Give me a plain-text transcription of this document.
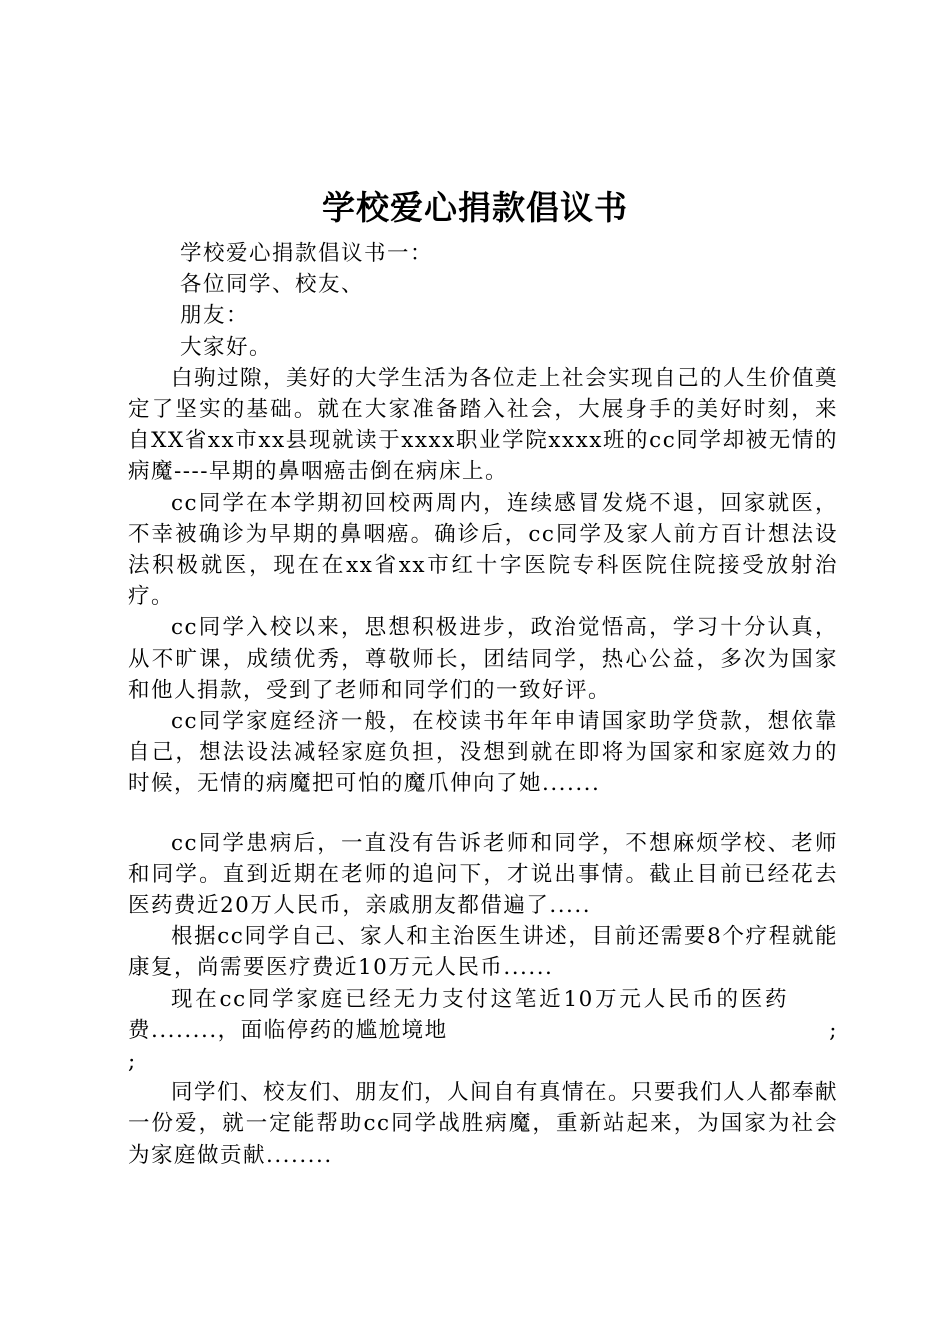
学校爱心捐款倡议书

学校爱心捐款倡议书一：

各位同学、校友、

朋友：

大家好。

白驹过隙，美好的大学生活为各位走上社会实现自己的人生价值奠定了坚实的基础。就在大家准备踏入社会，大展身手的美好时刻，来自XX省xx市xx县现就读于xxxx职业学院xxxx班的cc同学却被无情的病魔----早期的鼻咽癌击倒在病床上。

cc同学在本学期初回校两周内，连续感冒发烧不退，回家就医，不幸被确诊为早期的鼻咽癌。确诊后，cc同学及家人前方百计想法设法积极就医，现在在xx省xx市红十字医院专科医院住院接受放射治疗。

cc同学入校以来，思想积极进步，政治觉悟高，学习十分认真，从不旷课，成绩优秀，尊敬师长，团结同学，热心公益，多次为国家和他人捐款，受到了老师和同学们的一致好评。

cc同学家庭经济一般，在校读书年年申请国家助学贷款，想依靠自己，想法设法减轻家庭负担，没想到就在即将为国家和家庭效力的时候，无情的病魔把可怕的魔爪伸向了她.......

cc同学患病后，一直没有告诉老师和同学，不想麻烦学校、老师和同学。直到近期在老师的追问下，才说出事情。截止目前已经花去医药费近20万人民币，亲戚朋友都借遍了.....

根据cc同学自己、家人和主治医生讲述，目前还需要8个疗程就能康复，尚需要医疗费近10万元人民币......

现在cc同学家庭已经无力支付这笔近10万元人民币的医药费........，面临停药的尴尬境地	;

;

同学们、校友们、朋友们，人间自有真情在。只要我们人人都奉献一份爱，就一定能帮助cc同学战胜病魔，重新站起来，为国家为社会为家庭做贡献........
